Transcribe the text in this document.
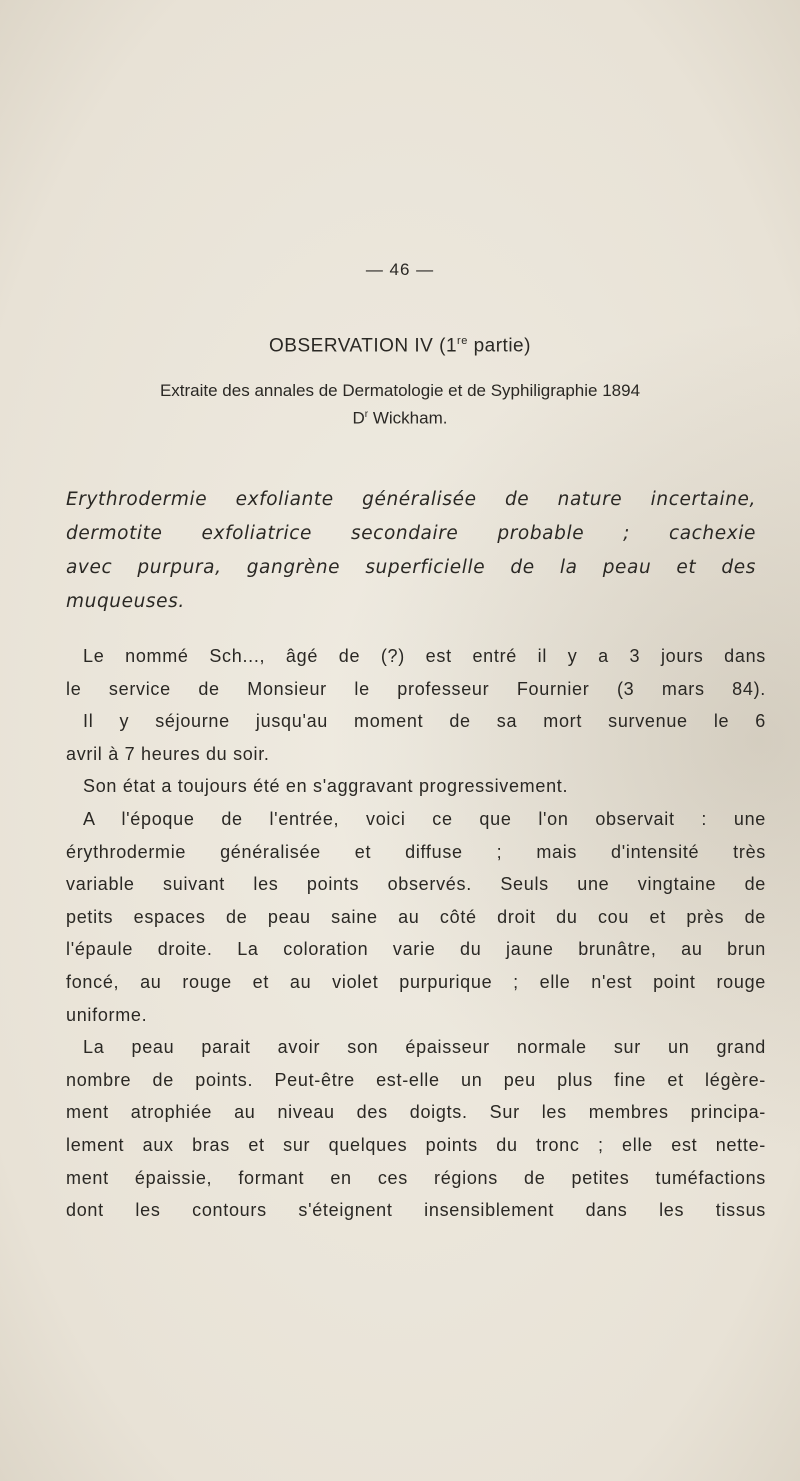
— 46 —
OBSERVATION IV (1re partie)
Extraite des annales de Dermatologie et de Syphiligraphie 1894
$D^r$ Wickham.
Erythrodermie exfoliante généralisée de nature incertaine,
dermotite exfoliatrice secondaire probable ; cachexie
avec purpura, gangrène superficielle de la peau et des
muqueuses.
Le nommé Sch..., âgé de (?) est entré il y a 3 jours dans
le service de Monsieur le professeur Fournier (3 mars 84).
Il y séjourne jusqu'au moment de sa mort survenue le 6
avril à 7 heures du soir.
Son état a toujours été en s'aggravant progressivement.
A l'époque de l'entrée, voici ce que l'on observait : une
érythrodermie généralisée et diffuse ; mais d'intensité très
variable suivant les points observés. Seuls une vingtaine de
petits espaces de peau saine au côté droit du cou et près de
l'épaule droite. La coloration varie du jaune brunâtre, au brun
foncé, au rouge et au violet purpurique ; elle n'est point rouge
uniforme.
La peau parait avoir son épaisseur normale sur un grand
nombre de points. Peut-être est-elle un peu plus fine et légère-
ment atrophiée au niveau des doigts. Sur les membres principa-
lement aux bras et sur quelques points du tronc ; elle est nette-
ment épaissie, formant en ces régions de petites tuméfactions
dont les contours s'éteignent insensiblement dans les tissus
